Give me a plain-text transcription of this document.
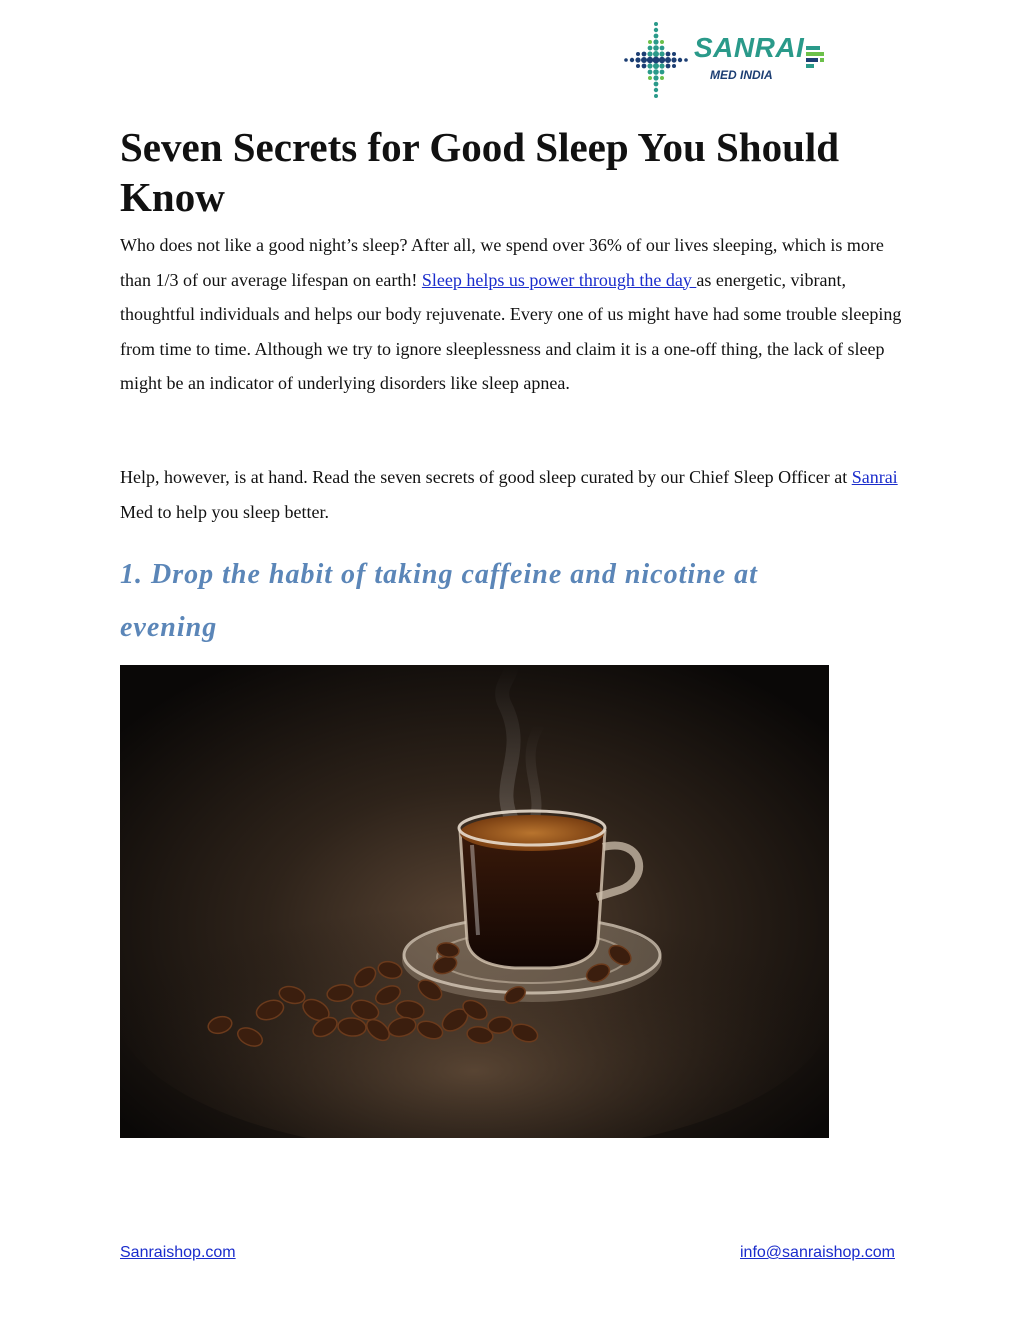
SANRAI
MED INDIA
Seven Secrets for Good Sleep You Should Know

Who does not like a good night’s sleep? After all, we spend over 36% of our lives sleeping, which is more than 1/3 of our average lifespan on earth! Sleep helps us power through the day as energetic, vibrant, thoughtful individuals and helps our body rejuvenate. Every one of us might have had some trouble sleeping from time to time. Although we try to ignore sleeplessness and claim it is a one-off thing, the lack of sleep might be an indicator of underlying disorders like sleep apnea.

Help, however, is at hand. Read the seven secrets of good sleep curated by our Chief Sleep Officer at Sanrai Med to help you sleep better.

1. Drop the habit of taking caffeine and nicotine at evening
Sanraishop.com	info@sanraishop.com
